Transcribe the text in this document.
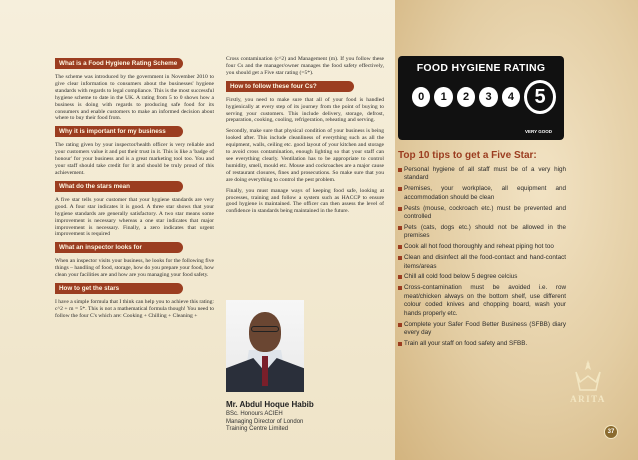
What is a Food Hygiene Rating Scheme

The scheme was introduced by the government in November 2010 to give clear information to consumers about the businesses' hygiene standards with regards to legal compliance. This is the most successful hygiene scheme to date in the UK. A rating from 5 to 0 shows how a business is doing with regards to producing safe food for its consumers and enable customers to make an informed decision about where to buy their food from.

Why it is important for my business

The rating given by your inspector/health officer is very reliable and your customers value it and put their trust in it. This is like a 'badge of honour' for your business and is a great marketing tool too. You and your staff should take credit for it and should be truly proud of this achievement.

What do the stars mean

A five star tells your customer that your hygiene standards are very good. A four star indicates it is good. A three star shows that your hygiene standards are generally satisfactory. A two star means some improvement is necessary whereas a one star indicates that major improvement is necessary. Finally, a zero indicates that urgent improvement is required

What an inspector looks for

When an inspector visits your business, he looks for the following five things – handling of food, storage, how do you prepare your food, how clean your facilities are and how are you managing your food safety.

How to get the stars

I have a simple formula that I think can help you to achieve this rating: c^2 + m = 5*. This is not a mathematical formula though! You need to follow the four C's which are: Cooking + Chilling + Cleaning +

Cross contamination (c^2) and Management (m). If you follow these four Cs and the manager/owner manages the food safety effectively, you should get a Five star rating (=5*).

How to follow these four Cs?

Firstly, you need to make sure that all of your food is handled hygienically at every step of its journey from the point of buying to serving your customers. This include delivery, storage, defrost, preparation, cooking, cooling, refrigeration, reheating and serving.

Secondly, make sure that physical condition of your business is being looked after. This include cleanliness of everything such as all the equipment, walls, ceiling etc. good layout of your kitchen and storage to avoid cross contamination, enough lighting so that your staff can see everything clearly. Ventilation has to be appropriate to control humidity, smell, mould etc. Mouse and cockroaches are a major cause of restaurant closures, fines and prosecutions. So make sure that you are doing everything to control the pest problem.

Finally, you must manage ways of keeping food safe, looking at processes, training and follow a system such as HACCP to ensure good hygiene is maintained. The officer can then assess the level of confidence in standards being maintained in the future.

Mr. Abdul Hoque Habib
BSc. Honours ACIEH
Managing Director of London
Training Centre Limited
FOOD HYGIENE RATING
0	1	2	3	4	5
VERY GOOD
Top 10 tips to get a Five Star:
Personal hygiene of all staff must be of a very high standard
Premises, your workplace, all equipment and accommodation should be clean
Pests (mouse, cockroach etc.) must be prevented and controlled
Pets (cats, dogs etc.) should not be allowed in the premises
Cook all hot food thoroughly and reheat piping hot too
Clean and disinfect all the food-contact and hand-contact items/areas
Chill all cold food below 5 degree celcius
Cross-contamination must be avoided i.e. row meat/chicken always on the bottom shelf, use different colour coded knives and chopping board, wash your hands properly etc.
Complete your Safer Food Better Business (SFBB) diary every day
Train all your staff on food safety and SFBB.
ARITA
37
